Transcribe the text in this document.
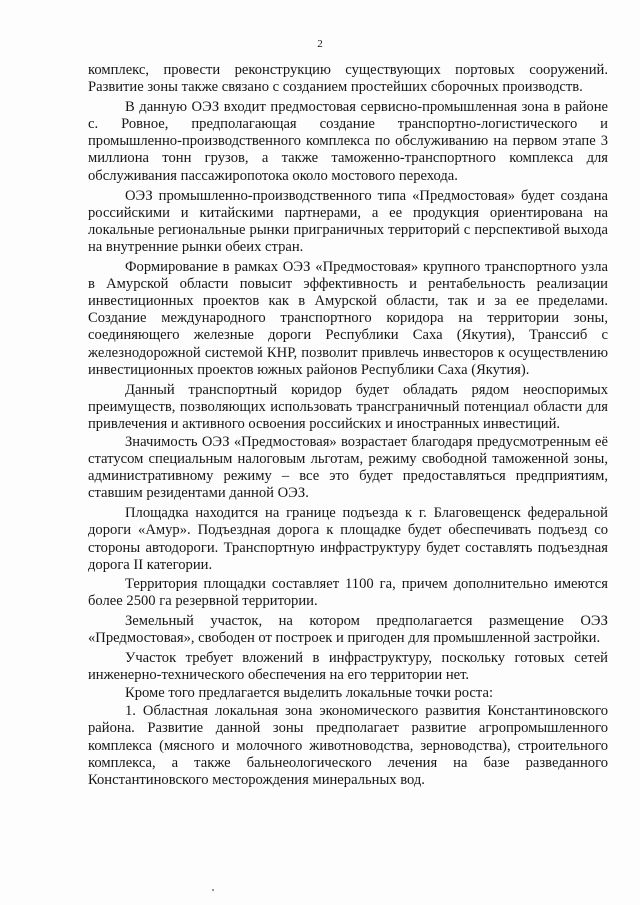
2

комплекс, провести реконструкцию существующих портовых сооружений. Развитие зоны также связано с созданием простейших сборочных производств.

В данную ОЭЗ входит предмостовая сервисно-промышленная зона в районе с. Ровное, предполагающая создание транспортно-логистического и промышленно-производственного комплекса по обслуживанию на первом этапе 3 миллиона тонн грузов, а также таможенно-транспортного комплекса для обслуживания пассажиропотока около мостового перехода.

ОЭЗ промышленно-производственного типа «Предмостовая» будет создана российскими и китайскими партнерами, а ее продукция ориентирована на локальные региональные рынки приграничных территорий с перспективой выхода на внутренние рынки обеих стран.

Формирование в рамках ОЭЗ «Предмостовая» крупного транспортного узла в Амурской области повысит эффективность и рентабельность реализации инвестиционных проектов как в Амурской области, так и за ее пределами. Создание международного транспортного коридора на территории зоны, соединяющего железные дороги Республики Саха (Якутия), Транссиб с железнодорожной системой КНР, позволит привлечь инвесторов к осуществлению инвестиционных проектов южных районов Республики Саха (Якутия).

Данный транспортный коридор будет обладать рядом неоспоримых преимуществ, позволяющих использовать трансграничный потенциал области для привлечения и активного освоения российских и иностранных инвестиций.

Значимость ОЭЗ «Предмостовая» возрастает благодаря предусмотренным её статусом специальным налоговым льготам, режиму свободной таможенной зоны, административному режиму – все это будет предоставляться предприятиям, ставшим резидентами данной ОЭЗ.

Площадка находится на границе подъезда к г. Благовещенск федеральной дороги «Амур». Подъездная дорога к площадке будет обеспечивать подъезд со стороны автодороги. Транспортную инфраструктуру будет составлять подъездная дорога II категории.

Территория площадки составляет 1100 га, причем дополнительно имеются более 2500 га резервной территории.

Земельный участок, на котором предполагается размещение ОЭЗ «Предмостовая», свободен от построек и пригоден для промышленной застройки.

Участок требует вложений в инфраструктуру, поскольку готовых сетей инженерно-технического обеспечения на его территории нет.

Кроме того предлагается выделить локальные точки роста:

1. Областная локальная зона экономического развития Константиновского района. Развитие данной зоны предполагает развитие агропромышленного комплекса (мясного и молочного животноводства, зерноводства), строительного комплекса, а также бальнеологического лечения на базе разведанного Константиновского месторождения минеральных вод.
